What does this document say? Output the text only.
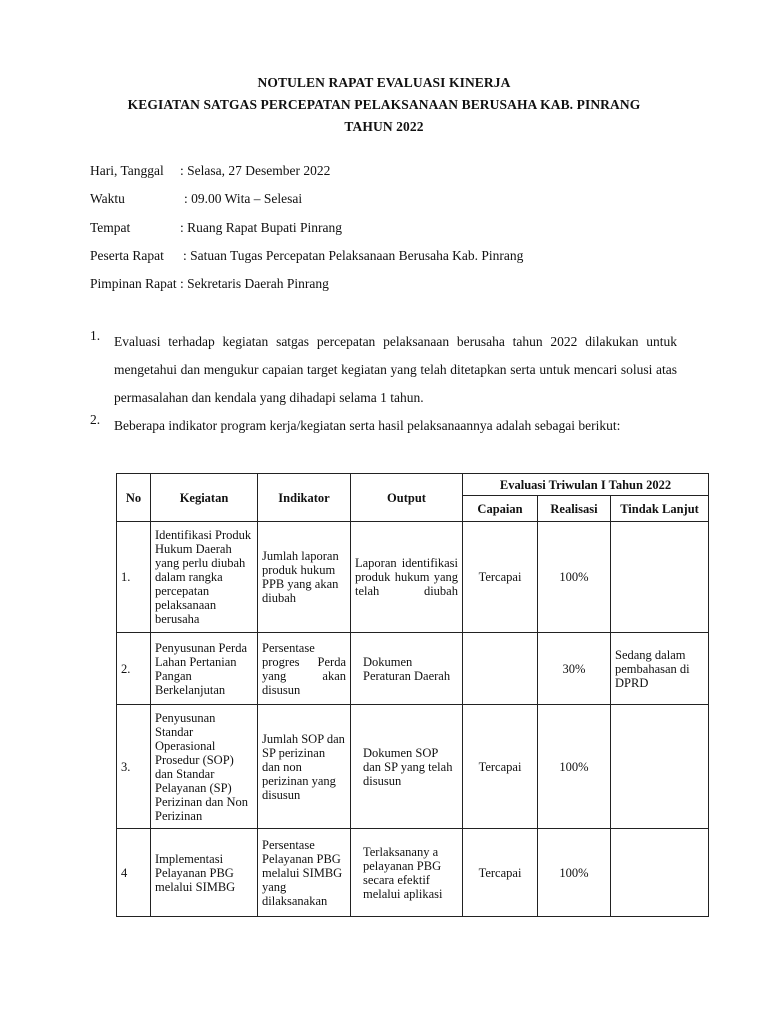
NOTULEN RAPAT EVALUASI KINERJA
KEGIATAN SATGAS PERCEPATAN PELAKSANAAN BERUSAHA KAB. PINRANG
TAHUN 2022
Hari, Tanggal : Selasa, 27 Desember 2022
Waktu	: 09.00 Wita – Selesai
Tempat	: Ruang Rapat Bupati Pinrang
Peserta Rapat : Satuan Tugas Percepatan Pelaksanaan Berusaha Kab. Pinrang
Pimpinan Rapat : Sekretaris Daerah Pinrang
1. Evaluasi terhadap kegiatan satgas percepatan pelaksanaan berusaha tahun 2022 dilakukan untuk mengetahui dan mengukur capaian target kegiatan yang telah ditetapkan serta untuk mencari solusi atas permasalahan dan kendala yang dihadapi selama 1 tahun.

2. Beberapa indikator program kerja/kegiatan serta hasil pelaksanaannya adalah sebagai berikut:

No	Kegiatan	Indikator	Output	Evaluasi Triwulan I Tahun 2022		
				Capaian	Realisasi	Tindak Lanjut
1.	Identifikasi Produk Hukum Daerah yang perlu diubah dalam rangka percepatan pelaksanaan berusaha	Jumlah laporan produk hukum PPB yang akan diubah	Laporan identifikasi produk hukum yang telah diubah	Tercapai	100%	
2.	Penyusunan Perda Lahan Pertanian Pangan Berkelanjutan	Persentase progres Perda yang akan disusun	Dokumen Peraturan Daerah		30%	Sedang dalam pembahasan di DPRD
3.	Penyusunan Standar Operasional Prosedur (SOP) dan Standar Pelayanan (SP) Perizinan dan Non Perizinan	Jumlah SOP dan SP perizinan dan non perizinan yang disusun	Dokumen SOP dan SP yang telah disusun	Tercapai	100%	
4	Implementasi Pelayanan PBG melalui SIMBG	Persentase Pelayanan PBG melalui SIMBG yang dilaksanakan	Terlaksanany a pelayanan PBG secara efektif melalui aplikasi	Tercapai	100%	
